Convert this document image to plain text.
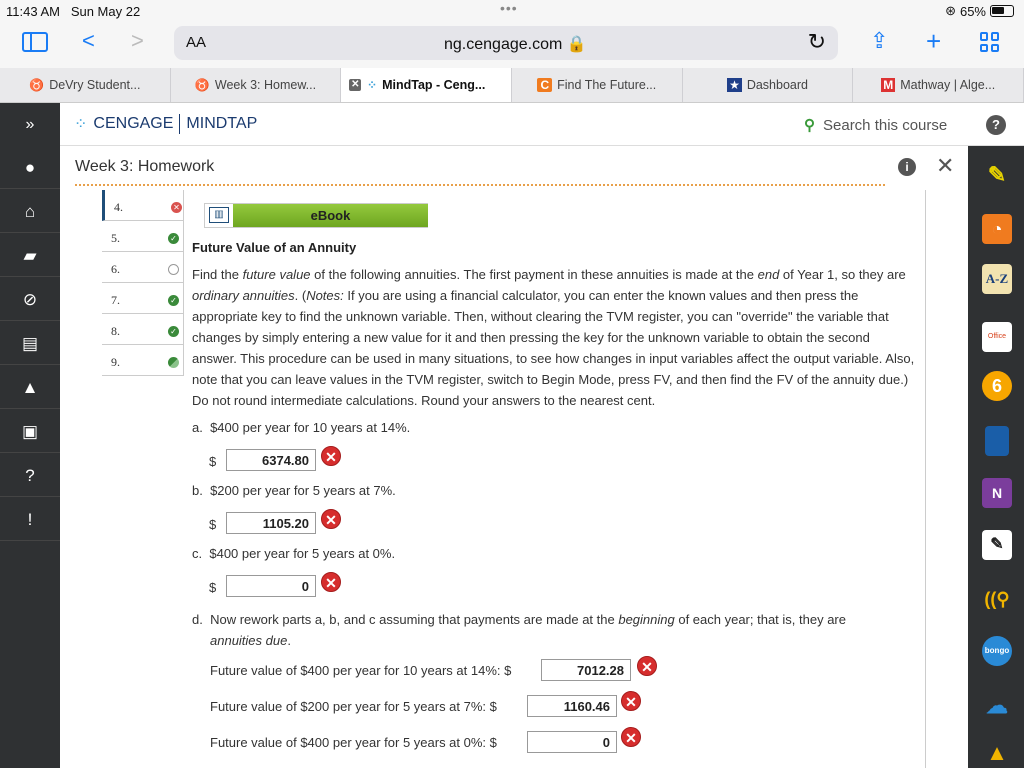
11:43 AM Sun May 22	•••	⊛ 65%
< >	AA	ng.cengage.com 🔒	↻ ⇪ +
♉ DeVry Student...	♉ Week 3: Homew...	✕ ⁘ MindTap - Ceng...	C Find The Future...	★ Dashboard	M Mathway | Alge...
»	⁘ CENGAGE MINDTAP	⚲ Search this course	?
●
⌂
▰
⊘
▤
▲
▣
?
!
✎
◔
A-Z
Office
6
N
✎
((⚲
bongo
☁
▲
Week 3: Homework	i	✕
4.	✕
5.	✓
6.
7.	✓
8.	✓
9.
▥	eBook
Future Value of an Annuity
Find the future value of the following annuities. The first payment in these annuities is made at the end of Year 1, so they are ordinary annuities. (Notes: If you are using a financial calculator, you can enter the known values and then press the appropriate key to find the unknown variable. Then, without clearing the TVM register, you can "override" the variable that changes by simply entering a new value for it and then pressing the key for the unknown variable to obtain the second answer. This procedure can be used in many situations, to see how changes in input variables affect the output variable. Also, note that you can leave values in the TVM register, switch to Begin Mode, press FV, and then find the FV of the annuity due.) Do not round intermediate calculations. Round your answers to the nearest cent.
a. $400 per year for 10 years at 14%.
$	6374.80	✕
b. $200 per year for 5 years at 7%.
$	1105.20	✕
c. $400 per year for 5 years at 0%.
$	0	✕
d. Now rework parts a, b, and c assuming that payments are made at the beginning of each year; that is, they are
annuities due.
Future value of $400 per year for 10 years at 14%: $	7012.28	✕
Future value of $200 per year for 5 years at 7%: $	1160.46	✕
Future value of $400 per year for 5 years at 0%: $	0	✕
